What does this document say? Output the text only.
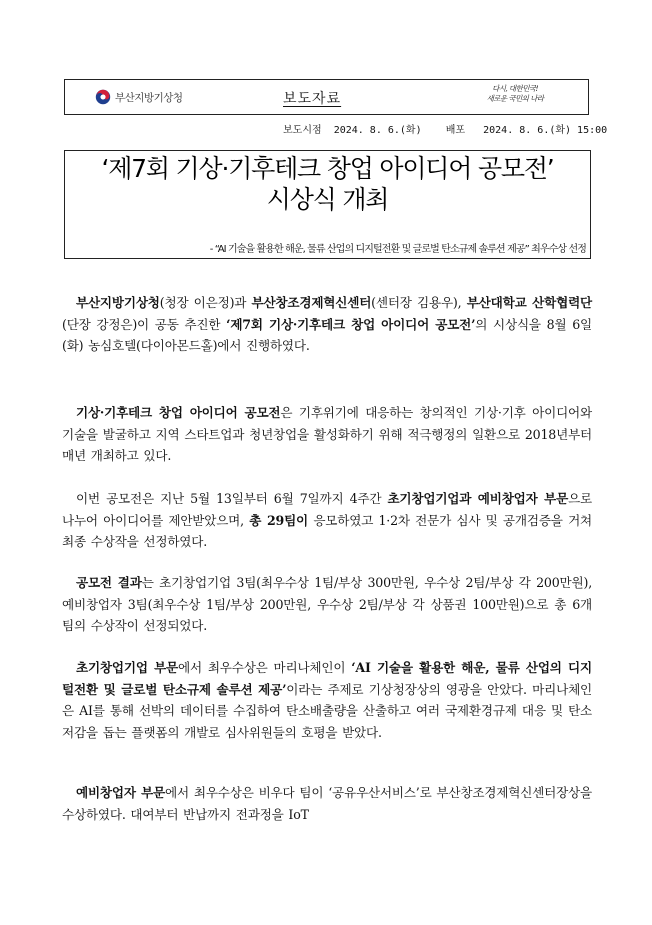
부산지방기상청	보도자료
다시, 대한민국!
새로운 국민의 나라
보도시점
2024. 8. 6.(화)
배포
2024. 8. 6.(화) 15:00
‘제7회 기상·기후테크 창업 아이디어 공모전’
시상식 개최
- “AI 기술을 활용한 해운, 물류 산업의 디지털전환 및 글로벌 탄소규제 솔루션 제공” 최우수상 선정

부산지방기상청(청장 이은정)과 부산창조경제혁신센터(센터장 김용우), 부산대학교 산학협력단(단장 강정은)이 공동 추진한 ‘제7회 기상·기후테크 창업 아이디어 공모전’의 시상식을 8월 6일(화) 농심호텔(다이아몬드홀)에서 진행하였다.

기상·기후테크 창업 아이디어 공모전은 기후위기에 대응하는 창의적인 기상·기후 아이디어와 기술을 발굴하고 지역 스타트업과 청년창업을 활성화하기 위해 적극행정의 일환으로 2018년부터 매년 개최하고 있다.

이번 공모전은 지난 5월 13일부터 6월 7일까지 4주간 초기창업기업과 예비창업자 부문으로 나누어 아이디어를 제안받았으며, 총 29팀이 응모하였고 1·2차 전문가 심사 및 공개검증을 거쳐 최종 수상작을 선정하였다.

공모전 결과는 초기창업기업 3팀(최우수상 1팀/부상 300만원, 우수상 2팀/부상 각 200만원), 예비창업자 3팀(최우수상 1팀/부상 200만원, 우수상 2팀/부상 각 상품권 100만원)으로 총 6개 팀의 수상작이 선정되었다.

초기창업기업 부문에서 최우수상은 마리나체인이 ‘AI 기술을 활용한 해운, 물류 산업의 디지털전환 및 글로벌 탄소규제 솔루션 제공’이라는 주제로 기상청장상의 영광을 안았다. 마리나체인은 AI를 통해 선박의 데이터를 수집하여 탄소배출량을 산출하고 여러 국제환경규제 대응 및 탄소저감을 돕는 플랫폼의 개발로 심사위원들의 호평을 받았다.

예비창업자 부문에서 최우수상은 비우다 팀이 ‘공유우산서비스’로 부산창조경제혁신센터장상을 수상하였다. 대여부터 반납까지 전과정을 IoT
